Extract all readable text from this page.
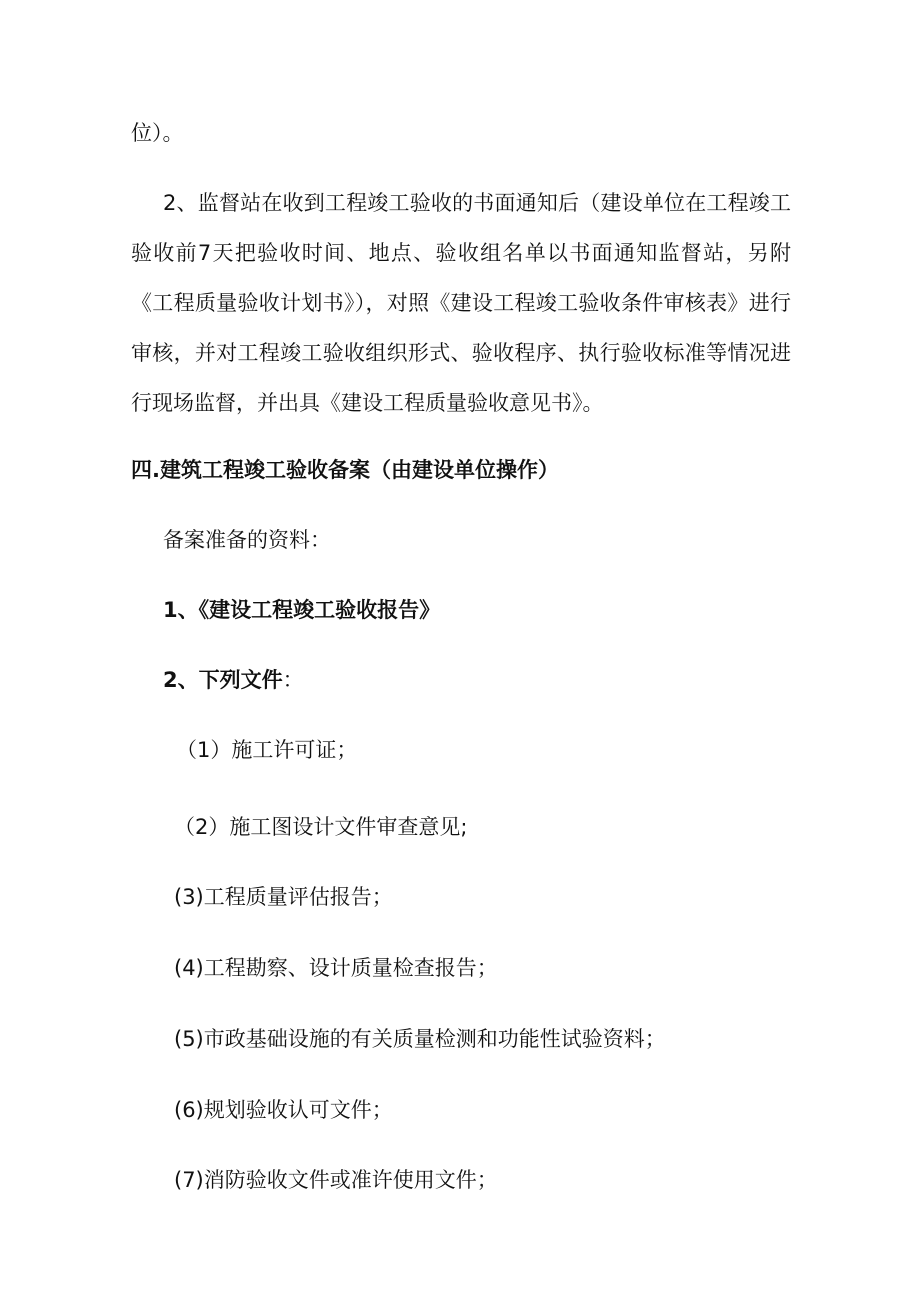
位）。
2、监督站在收到工程竣工验收的书面通知后（建设单位在工程竣工验收前7天把验收时间、地点、验收组名单以书面通知监督站，另附《工程质量验收计划书》），对照《建设工程竣工验收条件审核表》进行审核，并对工程竣工验收组织形式、验收程序、执行验收标准等情况进行现场监督，并出具《建设工程质量验收意见书》。
四.建筑工程竣工验收备案（由建设单位操作）
备案准备的资料：
1、《建设工程竣工验收报告》
2、下列文件：
（1）施工许可证；
（2）施工图设计文件审查意见;
(3)工程质量评估报告；
(4)工程勘察、设计质量检查报告；
(5)市政基础设施的有关质量检测和功能性试验资料；
(6)规划验收认可文件；
(7)消防验收文件或准许使用文件；
